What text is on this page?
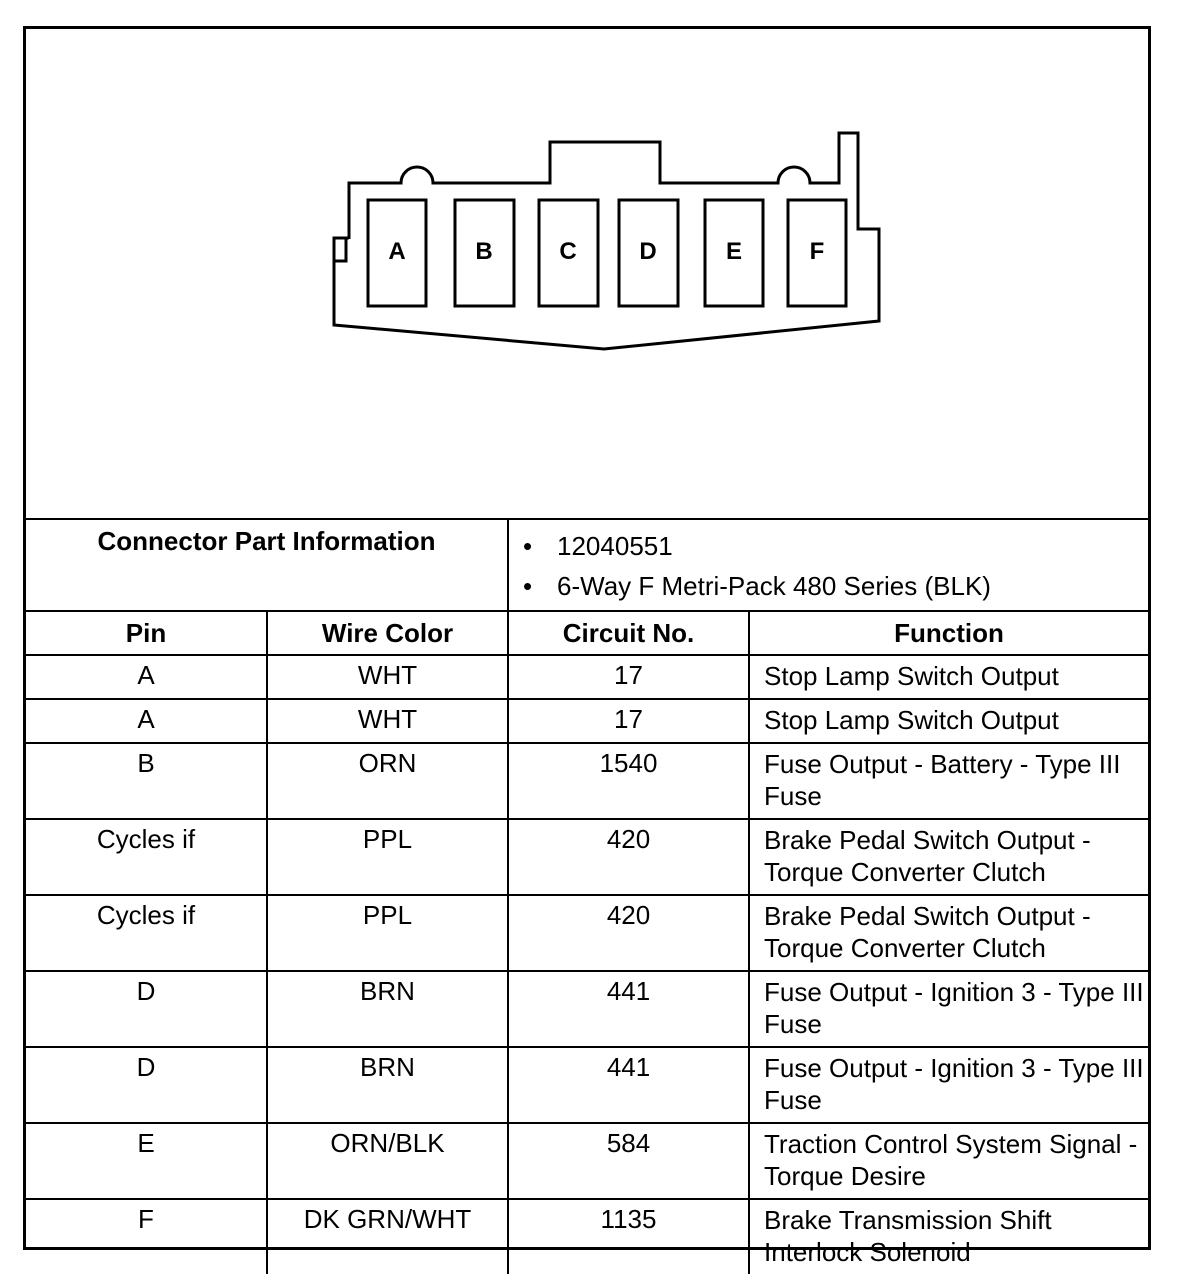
A	B	C	D	E	F
Connector Part Information		• 12040551
• 6-Way F Metri-Pack 480 Series (BLK)	

Pin	Wire Color	Circuit No.	Function
A	WHT	17	Stop Lamp Switch Output
A	WHT	17	Stop Lamp Switch Output
B	ORN	1540	Fuse Output - Battery - Type III Fuse
Cycles if	PPL	420	Brake Pedal Switch Output - Torque Converter Clutch
Cycles if	PPL	420	Brake Pedal Switch Output - Torque Converter Clutch
D	BRN	441	Fuse Output - Ignition 3 - Type III Fuse
D	BRN	441	Fuse Output - Ignition 3 - Type III Fuse
E	ORN/BLK	584	Traction Control System Signal - Torque Desire
F	DK GRN/WHT	1135	Brake Transmission Shift Interlock Solenoid
